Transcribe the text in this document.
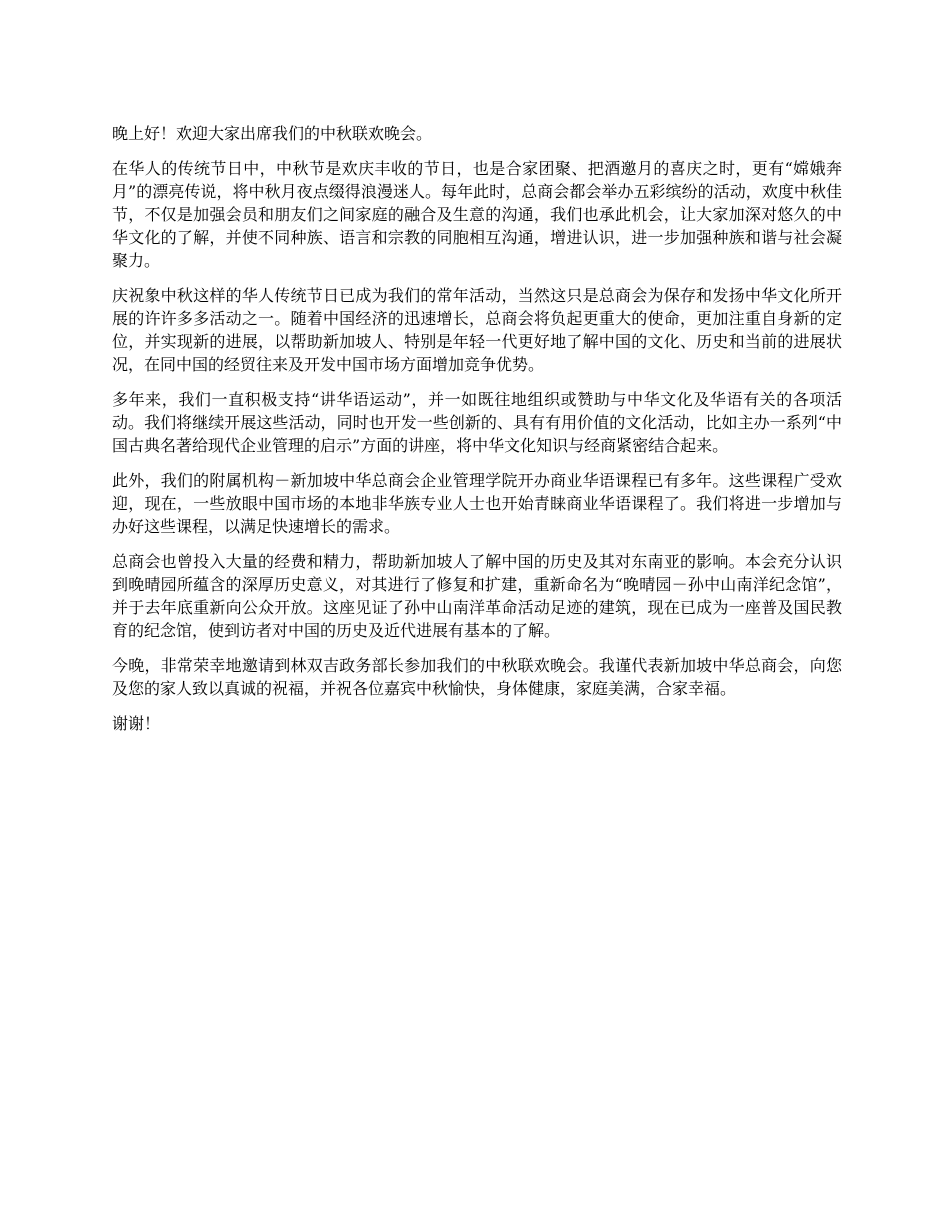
晚上好！欢迎大家出席我们的中秋联欢晚会。

在华人的传统节日中，中秋节是欢庆丰收的节日，也是合家团聚、把酒邀月的喜庆之时，更有“嫦娥奔月”的漂亮传说，将中秋月夜点缀得浪漫迷人。每年此时，总商会都会举办五彩缤纷的活动，欢度中秋佳节，不仅是加强会员和朋友们之间家庭的融合及生意的沟通，我们也承此机会，让大家加深对悠久的中华文化的了解，并使不同种族、语言和宗教的同胞相互沟通，增进认识，进一步加强种族和谐与社会凝聚力。

庆祝象中秋这样的华人传统节日已成为我们的常年活动，当然这只是总商会为保存和发扬中华文化所开展的许许多多活动之一。随着中国经济的迅速增长，总商会将负起更重大的使命，更加注重自身新的定位，并实现新的进展，以帮助新加坡人、特别是年轻一代更好地了解中国的文化、历史和当前的进展状况，在同中国的经贸往来及开发中国市场方面增加竞争优势。

多年来，我们一直积极支持“讲华语运动”，并一如既往地组织或赞助与中华文化及华语有关的各项活动。我们将继续开展这些活动，同时也开发一些创新的、具有有用价值的文化活动，比如主办一系列“中国古典名著给现代企业管理的启示”方面的讲座，将中华文化知识与经商紧密结合起来。

此外，我们的附属机构－新加坡中华总商会企业管理学院开办商业华语课程已有多年。这些课程广受欢迎，现在，一些放眼中国市场的本地非华族专业人士也开始青睐商业华语课程了。我们将进一步增加与办好这些课程，以满足快速增长的需求。

总商会也曾投入大量的经费和精力，帮助新加坡人了解中国的历史及其对东南亚的影响。本会充分认识到晚晴园所蕴含的深厚历史意义，对其进行了修复和扩建，重新命名为“晚晴园－孙中山南洋纪念馆”，并于去年底重新向公众开放。这座见证了孙中山南洋革命活动足迹的建筑，现在已成为一座普及国民教育的纪念馆，使到访者对中国的历史及近代进展有基本的了解。

今晚，非常荣幸地邀请到林双吉政务部长参加我们的中秋联欢晚会。我谨代表新加坡中华总商会，向您及您的家人致以真诚的祝福，并祝各位嘉宾中秋愉快，身体健康，家庭美满，合家幸福。

谢谢！
